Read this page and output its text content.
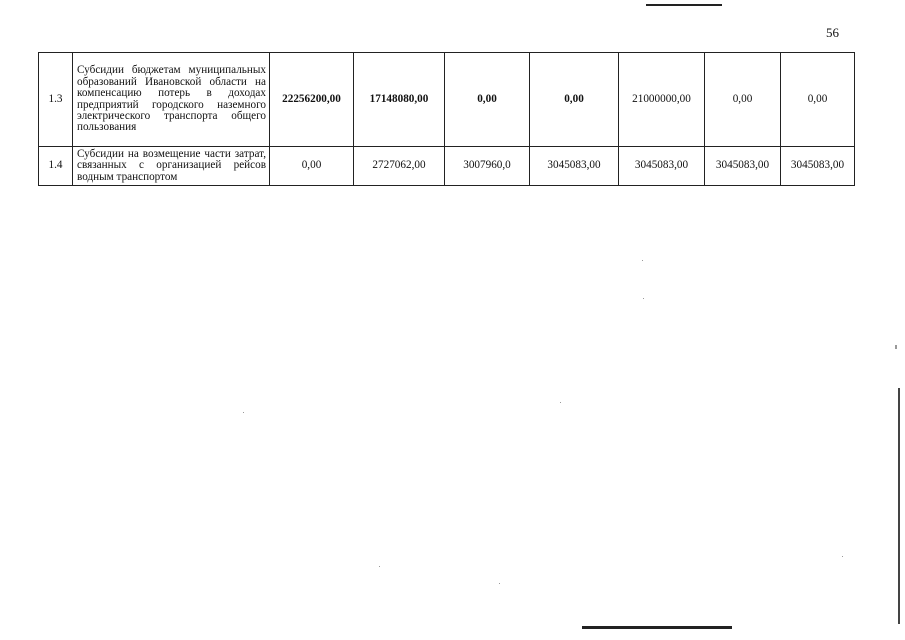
56
1.3	Субсидии бюджетам муниципальных образований Ивановской области на компенсацию потерь в доходах предприятий городского наземного электрического транспорта общего пользования	22256200,00	17148080,00	0,00	0,00	21000000,00	0,00	0,00
1.4	Субсидии на возмещение части затрат, связанных с организацией рейсов водным транспортом	0,00	2727062,00	3007960,0	3045083,00	3045083,00	3045083,00	3045083,00
